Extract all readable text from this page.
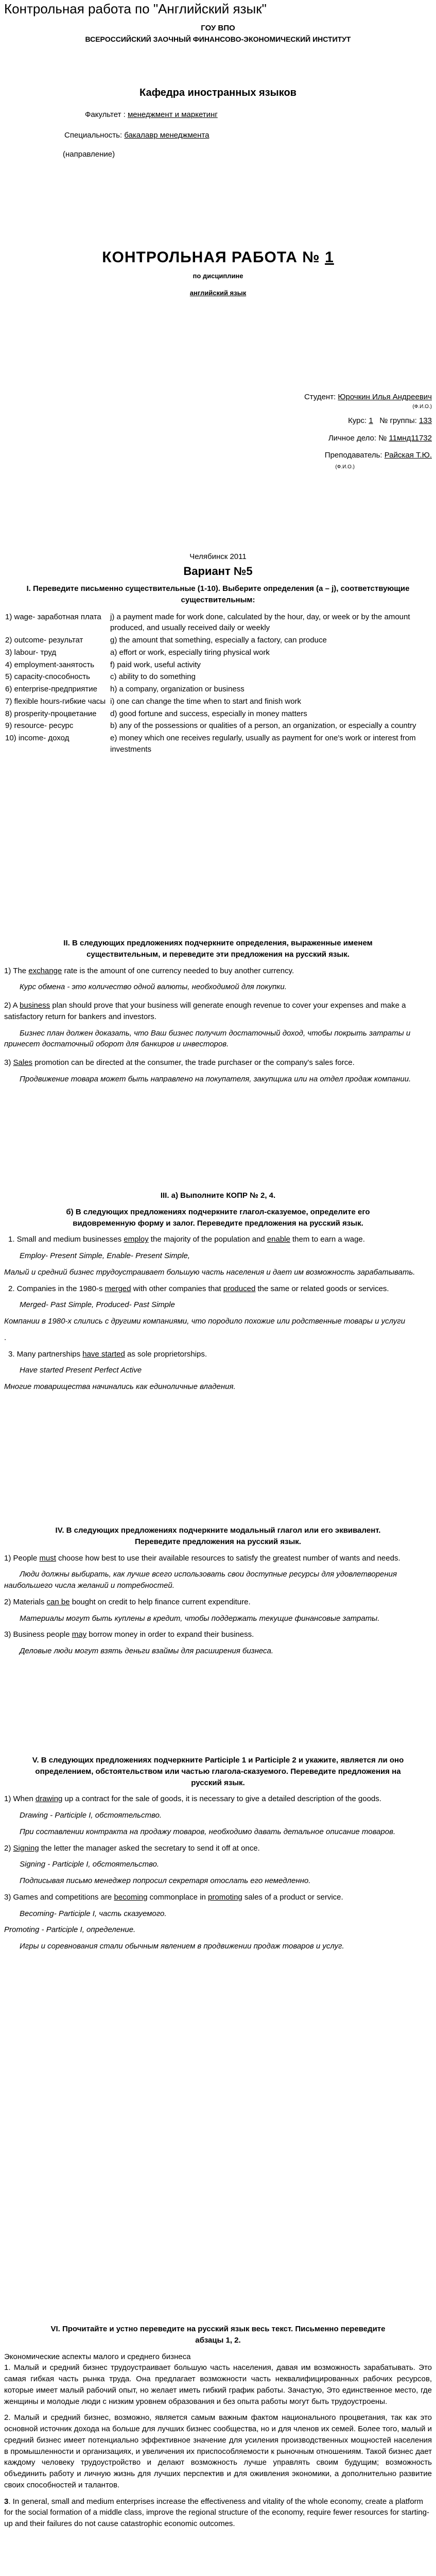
Контрольная работа по "Английский язык"

ГОУ ВПО

ВСЕРОССИЙСКИЙ ЗАОЧНЫЙ ФИНАНСОВО-ЭКОНОМИЧЕСКИЙ ИНСТИТУТ

Кафедра иностранных языков
Факультет : менеджмент и маркетинг
Специальность: бакалавр менеджмента
(направление)
КОНТРОЛЬНАЯ РАБОТА № 1
по дисциплине
английский язык

Студент: Юрочкин Илья Андреевич

(Ф.И.О.)

Курс: 1 № группы: 133

Личное дело: № 11мнд11732

Преподаватель: Райская Т.Ю.

(Ф.И.О.)

Челябинск 2011
Вариант №5

I. Переведите письменно существительные (1-10). Выберите определения (а – j), соответствующие существительным:

1) wage- заработная плата	j) a payment made for work done, calculated by the hour, day, or week or by the amount produced, and usually received daily or weekly
2) outcome- результат	g) the amount that something, especially a factory, can produce
3) labour- труд	a) effort or work, especially tiring physical work
4) employment-занятость	f) paid work, useful activity
5) capacity-способность	c) ability to do something
6) enterprise-предприятие	h) a company, organization or business
7) flexible hours-гибкие часы	i) one can change the time when to start and finish work
8) prosperity-процветание	d) good fortune and success, especially in money matters
9) resource- ресурс	b) any of the possessions or qualities of a person, an organization, or especially a country
10) income- доход	e) money which one receives regularly, usually as payment for one's work or interest from investments

II. В следующих предложениях подчеркните определения, выраженные именем существительным, и переведите эти предложения на русский язык.

1) The exchange rate is the amount of one currency needed to buy another currency.

Курс обмена - это количество одной валюты, необходимой для покупки.

2) A business plan should prove that your business will generate enough revenue to cover your expenses and make a satisfactory return for bankers and investors.

Бизнес план должен доказать, что Ваш бизнес получит достаточный доход, чтобы покрыть затраты и принесет достаточный оборот для банкиров и инвесторов.

3) Sales promotion can be directed at the consumer, the trade purchaser or the company's sales force.

Продвижение товара может быть направлено на покупателя, закупщика или на отдел продаж компании.

III. a) Выполните КОПР № 2, 4.

б) В следующих предложениях подчеркните глагол-сказуемое, определите его видовременную форму и залог. Переведите предложения на русский язык.

1. Small and medium businesses employ the majority of the population and enable them to earn a wage.

Employ- Present Simple, Enable- Present Simple,

Малый и средний бизнес трудоустраивает большую часть населения и дает им возможность зарабатывать.

2. Companies in the 1980-s merged with other companies that produced the same or related goods or services.

Merged- Past Simple, Produced- Past Simple

Компании в 1980-х слились с другими компаниями, что породило похожие или родственные товары и услуги

.

3. Many partnerships have started as sole proprietorships.

Have started Present Perfect Active

Многие товарищества начинались как единоличные владения.

IV. В следующих предложениях подчеркните модальный глагол или его эквивалент. Переведите предложения на русский язык.

1) People must choose how best to use their available resources to satisfy the greatest number of wants and needs.

Люди должны выбирать, как лучше всего использовать свои доступные ресурсы для удовлетворения наибольшего числа желаний и потребностей.

2) Materials can be bought on credit to help finance current expenditure.

Материалы могут быть куплены в кредит, чтобы поддержать текущие финансовые затраты.

3) Business people may borrow money in order to expand their business.

Деловые люди могут взять деньги взаймы для расширения бизнеса.

V. В следующих предложениях подчеркните Participle 1 и Participle 2 и укажите, является ли оно определением, обстоятельством или частью глагола-сказуемого. Переведите предложения на русский язык.

1) When drawing up a contract for the sale of goods, it is necessary to give a detailed description of the goods.

Drawing - Participle I, обстоятельство.

При составлении контракта на продажу товаров, необходимо давать детальное описание товаров.

2) Signing the letter the manager asked the secretary to send it off at once.

Signing - Participle I, обстоятельство.

Подписывая письмо менеджер попросил секретаря отослать его немедленно.

3) Games and competitions are becoming commonplace in promoting sales of a product or service.

Becoming- Participle I, часть сказуемого.

Promoting - Participle I, определение.

Игры и соревнования стали обычным явлением в продвижении продаж товаров и услуг.

VI. Прочитайте и устно переведите на русский язык весь текст. Письменно переведите абзацы 1, 2.

Экономические аспекты малого и среднего бизнеса

1. Малый и средний бизнес трудоустраивает большую часть населения, давая им возможность зарабатывать. Это самая гибкая часть рынка труда. Она предлагает возможности часть неквалифицированных рабочих ресурсов, которые имеет малый рабочий опыт, но желает иметь гибкий график работы. Зачастую, Это единственное место, где женщины и молодые люди с низким уровнем образования и без опыта работы могут быть трудоустроены.

2. Малый и средний бизнес, возможно, является самым важным фактом национального процветания, так как это основной источник дохода на больше для лучших бизнес сообщества, но и для членов их семей. Более того, малый и средний бизнес имеет потенциально эффективное значение для усиления производственных мощностей населения в промышленности и организациях, и увеличения их приспособляемости к рыночным отношениям. Такой бизнес дает каждому человеку трудоустройство и делают возможность лучше управлять своим будущим; возможность объединить работу и личную жизнь для лучших перспектив и для оживления экономики, а дополнительно развитие своих способностей и талантов.

3. In general, small and medium enterprises increase the effectiveness and vitality of the whole economy, create a platform for the social formation of a middle class, improve the regional structure of the economy, require fewer resources for starting-up and their failures do not cause catastrophic economic outcomes.
